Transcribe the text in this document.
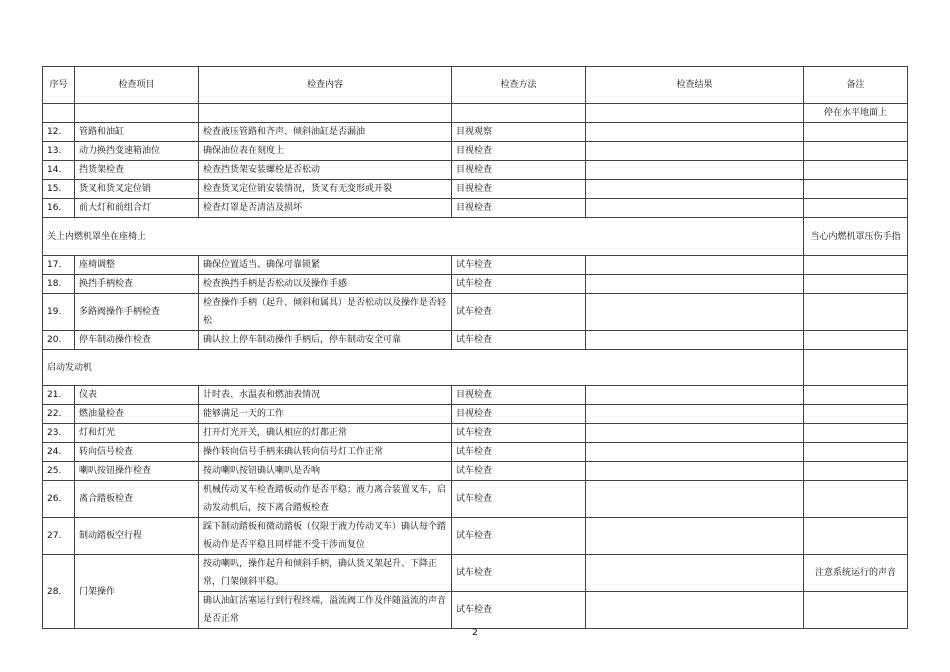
序号	检查项目	检查内容	检查方法	检查结果	备注
					停在水平地面上
12.	管路和油缸	检查液压管路和齐声、倾斜油缸是否漏油	目视观察		
13.	动力换挡变速箱油位	确保油位表在刻度上	目视检查		
14.	挡货架检查	检查挡货架安装螺栓是否松动	目视检查		
15.	货叉和货叉定位销	检查货叉定位销安装情况，货叉有无变形或开裂	目视检查		
16.	前大灯和前组合灯	检查灯罩是否清洁及损坏	目视检查		
关上内燃机罩坐在座椅上					当心内燃机罩压伤手指
17.	座椅调整	确保位置适当、确保可靠锁紧	试车检查		
18.	换挡手柄检查	检查换挡手柄是否松动以及操作手感	试车检查		
19.	多路阀操作手柄检查	检查操作手柄（起升、倾斜和属具）是否松动以及操作是否轻松	试车检查		
20.	停车制动操作检查	确认拉上停车制动操作手柄后，停车制动安全可靠	试车检查		
启动发动机					
21.	仪表	计时表、水温表和燃油表情况	目视检查		
22.	燃油量检查	能够满足一天的工作	目视检查		
23.	灯和灯光	打开灯光开关，确认相应的灯都正常	试车检查		
24.	转向信号检查	操作转向信号手柄来确认转向信号灯工作正常	试车检查		
25.	喇叭按钮操作检查	按动喇叭按钮确认喇叭是否响	试车检查		
26.	离合踏板检查	机械传动叉车检查踏板动作是否平稳；液力离合装置叉车，启动发动机后，按下离合踏板检查	试车检查		
27.	制动踏板空行程	踩下制动踏板和微动踏板（仅限于液力传动叉车）确认每个踏板动作是否平稳且同样能不受干涉而复位	试车检查		
28.	门架操作	按动喇叭，操作起升和倾斜手柄，确认货叉架起升、下降正常，门架倾斜平稳。	试车检查		注意系统运行的声音
		确认油缸活塞运行到行程终端，溢流阀工作及伴随溢流的声音是否正常	试车检查		
2
